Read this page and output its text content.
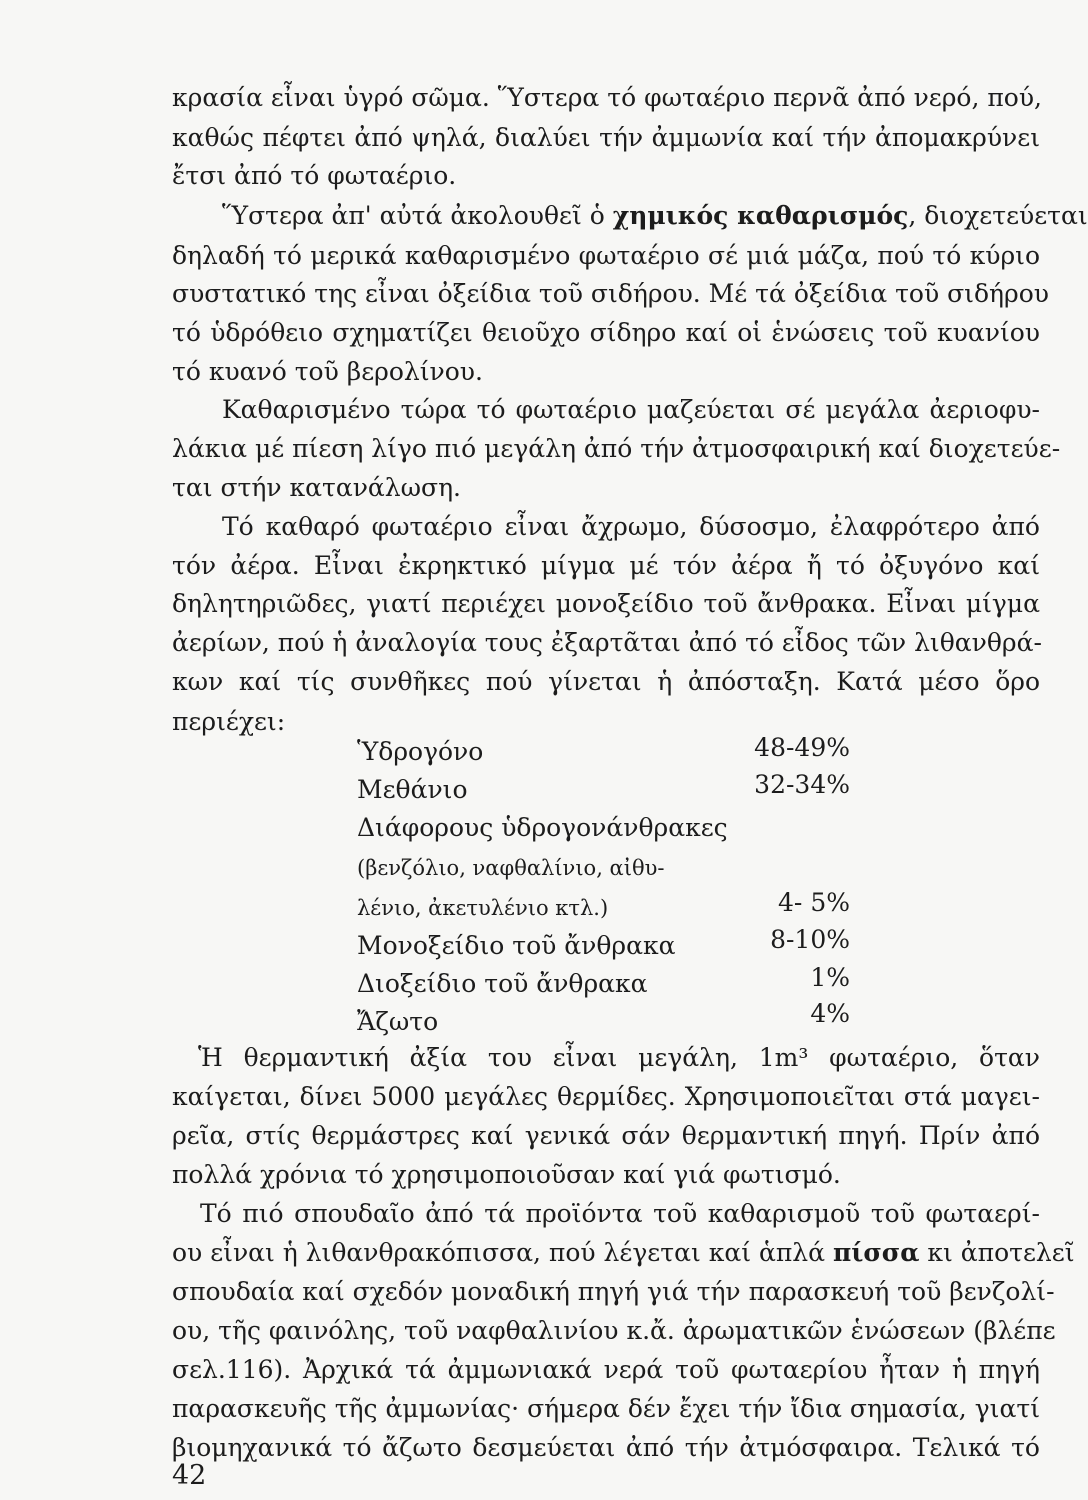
κρασία εἶναι ὑγρό σῶμα. Ὕστερα τό φωταέριο περνᾶ ἀπό νερό, πού,
καθώς πέφτει ἀπό ψηλά, διαλύει τήν ἀμμωνία καί τήν ἀπομακρύνει
ἔτσι ἀπό τό φωταέριο.
Ὕστερα ἀπ' αὐτά ἀκολουθεῖ ὁ χημικός καθαρισμός, διοχετεύεται
δηλαδή τό μερικά καθαρισμένο φωταέριο σέ μιά μάζα, πού τό κύριο
συστατικό της εἶναι ὀξείδια τοῦ σιδήρου. Μέ τά ὀξείδια τοῦ σιδήρου
τό ὑδρόθειο σχηματίζει θειοῦχο σίδηρο καί οἱ ἑνώσεις τοῦ κυανίου
τό κυανό τοῦ βερολίνου.
Καθαρισμένο τώρα τό φωταέριο μαζεύεται σέ μεγάλα ἀεριοφυ-
λάκια μέ πίεση λίγο πιό μεγάλη ἀπό τήν ἀτμοσφαιρική καί διοχετεύε-
ται στήν κατανάλωση.
Τό καθαρό φωταέριο εἶναι ἄχρωμο, δύσοσμο, ἐλαφρότερο ἀπό
τόν ἀέρα. Εἶναι ἐκρηκτικό μίγμα μέ τόν ἀέρα ἤ τό ὀξυγόνο καί
δηλητηριῶδες, γιατί περιέχει μονοξείδιο τοῦ ἄνθρακα. Εἶναι μίγμα
ἀερίων, πού ἡ ἀναλογία τους ἐξαρτᾶται ἀπό τό εἶδος τῶν λιθανθρά-
κων καί τίς συνθῆκες πού γίνεται ἡ ἀπόσταξη. Κατά μέσο ὅρο
περιέχει:
Ὑδρογόνο	48-49%
Μεθάνιο	32-34%
Διάφορους ὑδρογονάνθρακες
(βενζόλιο, ναφθαλίνιο, αἰθυ-
λένιο, ἀκετυλένιο κτλ.)	4- 5%
Μονοξείδιο τοῦ ἄνθρακα	8-10%
Διοξείδιο τοῦ ἄνθρακα	1%
Ἄζωτο	4%
Ἡ θερμαντική ἀξία του εἶναι μεγάλη, 1m³ φωταέριο, ὅταν
καίγεται, δίνει 5000 μεγάλες θερμίδες. Χρησιμοποιεῖται στά μαγει-
ρεῖα, στίς θερμάστρες καί γενικά σάν θερμαντική πηγή. Πρίν ἀπό
πολλά χρόνια τό χρησιμοποιοῦσαν καί γιά φωτισμό.
Τό πιό σπουδαῖο ἀπό τά προϊόντα τοῦ καθαρισμοῦ τοῦ φωταερί-
ου εἶναι ἡ λιθανθρακόπισσα, πού λέγεται καί ἁπλά πίσσα κι ἀποτελεῖ
σπουδαία καί σχεδόν μοναδική πηγή γιά τήν παρασκευή τοῦ βενζολί-
ου, τῆς φαινόλης, τοῦ ναφθαλινίου κ.ἄ. ἀρωματικῶν ἑνώσεων (βλέπε
σελ.116). Ἀρχικά τά ἀμμωνιακά νερά τοῦ φωταερίου ἦταν ἡ πηγή
παρασκευῆς τῆς ἀμμωνίας· σήμερα δέν ἔχει τήν ἴδια σημασία, γιατί
βιομηχανικά τό ἄζωτο δεσμεύεται ἀπό τήν ἀτμόσφαιρα. Τελικά τό
42
